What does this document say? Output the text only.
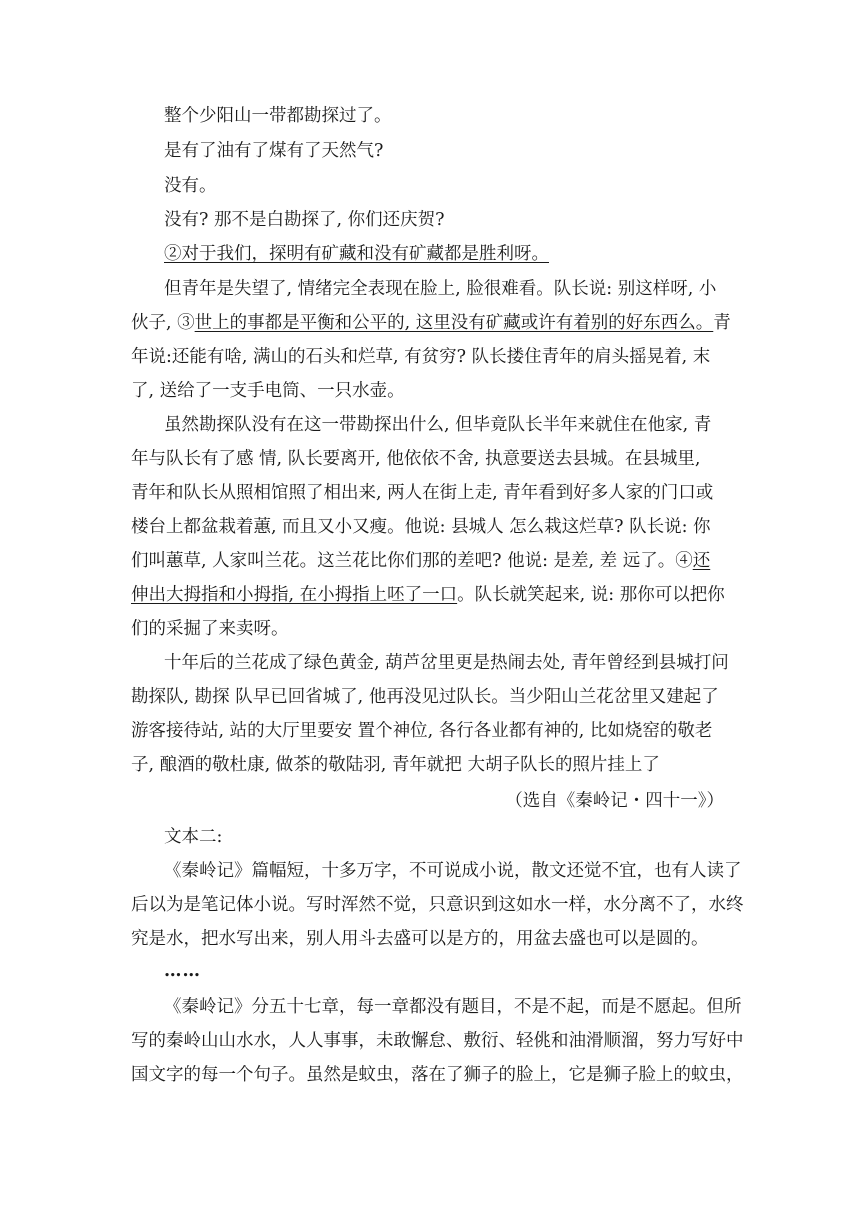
整个少阳山一带都勘探过了。
是有了油有了煤有了天然气?
没有。
没有? 那不是白勘探了, 你们还庆贺?
②对于我们，探明有矿藏和没有矿藏都是胜利呀。
但青年是失望了, 情绪完全表现在脸上, 脸很难看。队长说: 别这样呀, 小
伙子, ③世上的事都是平衡和公平的, 这里没有矿藏或许有着别的好东西么。青
年说:还能有啥, 满山的石头和烂草, 有贫穷? 队长搂住青年的肩头摇晃着, 末
了, 送给了一支手电筒、一只水壶。
虽然勘探队没有在这一带勘探出什么, 但毕竟队长半年来就住在他家, 青
年与队长有了感 情, 队长要离开, 他依依不舍, 执意要送去县城。在县城里,
青年和队长从照相馆照了相出来, 两人在街上走, 青年看到好多人家的门口或
楼台上都盆栽着蕙, 而且又小又瘦。他说: 县城人 怎么栽这烂草? 队长说: 你
们叫蕙草, 人家叫兰花。这兰花比你们那的差吧? 他说: 是差, 差 远了。④还
伸出大拇指和小拇指, 在小拇指上呸了一口。队长就笑起来, 说: 那你可以把你
们的采掘了来卖呀。
十年后的兰花成了绿色黄金, 葫芦岔里更是热闹去处, 青年曾经到县城打问
勘探队, 勘探 队早已回省城了, 他再没见过队长。当少阳山兰花岔里又建起了
游客接待站, 站的大厅里要安 置个神位, 各行各业都有神的, 比如烧窑的敬老
子, 酿酒的敬杜康, 做茶的敬陆羽, 青年就把 大胡子队长的照片挂上了
（选自《秦岭记・四十一》）
文本二:
《秦岭记》篇幅短，十多万字，不可说成小说，散文还觉不宜，也有人读了
后以为是笔记体小说。写时浑然不觉，只意识到这如水一样，水分离不了，水终
究是水，把水写出来，别人用斗去盛可以是方的，用盆去盛也可以是圆的。
……
《秦岭记》分五十七章，每一章都没有题目，不是不起，而是不愿起。但所
写的秦岭山山水水，人人事事，未敢懈怠、敷衍、轻佻和油滑顺溜，努力写好中
国文字的每一个句子。虽然是蚊虫，落在了狮子的脸上，它是狮子脸上的蚊虫，
